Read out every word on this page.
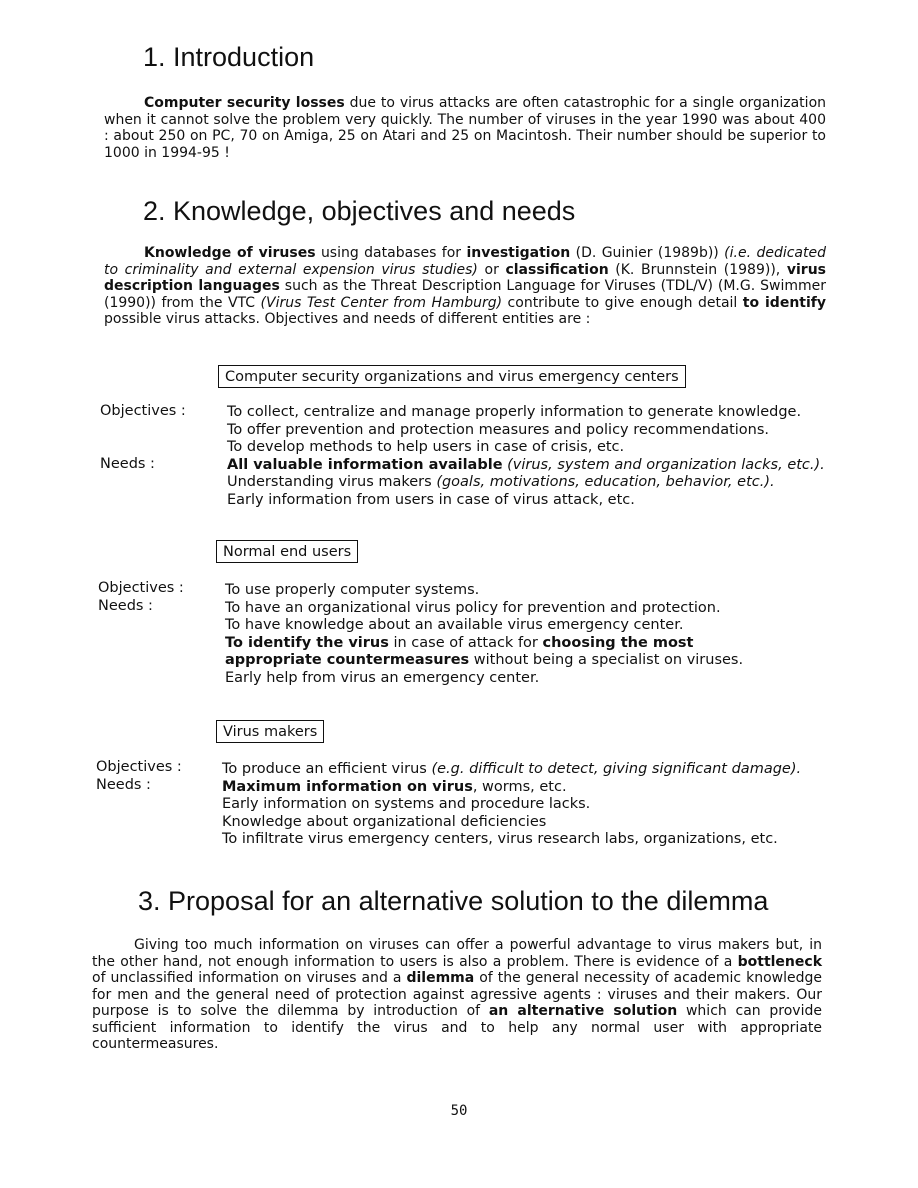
1. Introduction

Computer security losses due to virus attacks are often catastrophic for a single organization when it cannot solve the problem very quickly. The number of viruses in the year 1990 was about 400 : about 250 on PC, 70 on Amiga, 25 on Atari and 25 on Macintosh. Their number should be superior to 1000 in 1994-95 !

2. Knowledge, objectives and needs

Knowledge of viruses using databases for investigation (D. Guinier (1989b)) (i.e. dedicated to criminality and external expension virus studies) or classification (K. Brunnstein (1989)), virus description languages such as the Threat Description Language for Viruses (TDL/V) (M.G. Swimmer (1990)) from the VTC (Virus Test Center from Hamburg) contribute to give enough detail to identify possible virus attacks. Objectives and needs of different entities are :

Computer security organizations and virus emergency centers
Objectives :
Needs :
To collect, centralize and manage properly information to generate knowledge.
To offer prevention and protection measures and policy recommendations.
To develop methods to help users in case of crisis, etc.
All valuable information available (virus, system and organization lacks, etc.).
Understanding virus makers (goals, motivations, education, behavior, etc.).
Early information from users in case of virus attack, etc.
Normal end users
Objectives :
Needs :
To use properly computer systems.
To have an organizational virus policy for prevention and protection.
To have knowledge about an available virus emergency center.
To identify the virus in case of attack for choosing the most
appropriate countermeasures without being a specialist on viruses.
Early help from virus an emergency center.
Virus makers
Objectives :
Needs :
To produce an efficient virus (e.g. difficult to detect, giving significant damage).
Maximum information on virus, worms, etc.
Early information on systems and procedure lacks.
Knowledge about organizational deficiencies
To infiltrate virus emergency centers, virus research labs, organizations, etc.
3. Proposal for an alternative solution to the dilemma

Giving too much information on viruses can offer a powerful advantage to virus makers but, in the other hand, not enough information to users is also a problem. There is evidence of a bottleneck of unclassified information on viruses and a dilemma of the general necessity of academic knowledge for men and the general need of protection against agressive agents : viruses and their makers. Our purpose is to solve the dilemma by introduction of an alternative solution which can provide sufficient information to identify the virus and to help any normal user with appropriate countermeasures.

50
